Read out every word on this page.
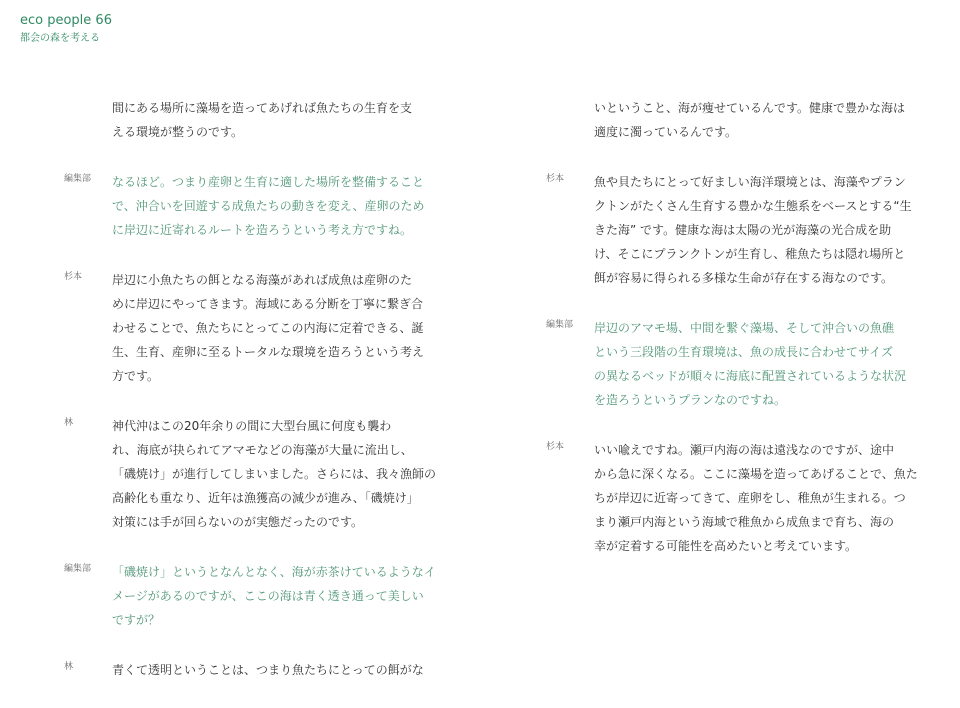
eco people 66
都会の森を考える
間にある場所に藻場を造ってあげれば魚たちの生育を支
える環境が整うのです。
編集部	なるほど。つまり産卵と生育に適した場所を整備すること
で、沖合いを回遊する成魚たちの動きを変え、産卵のため
に岸辺に近寄れるルートを造ろうという考え方ですね。
杉本	岸辺に小魚たちの餌となる海藻があれば成魚は産卵のた
めに岸辺にやってきます。海域にある分断を丁寧に繋ぎ合
わせることで、魚たちにとってこの内海に定着できる、誕
生、生育、産卵に至るトータルな環境を造ろうという考え
方です。
林	神代沖はこの20年余りの間に大型台風に何度も襲わ
れ、海底が抉られてアマモなどの海藻が大量に流出し、
「磯焼け」が進行してしまいました。さらには、我々漁師の
高齢化も重なり、近年は漁獲高の減少が進み、「磯焼け」
対策には手が回らないのが実態だったのです。
編集部	「磯焼け」というとなんとなく、海が赤茶けているようなイ
メージがあるのですが、ここの海は青く透き通って美しい
ですが？
林	青くて透明ということは、つまり魚たちにとっての餌がな
いということ、海が痩せているんです。健康で豊かな海は
適度に濁っているんです。
杉本	魚や貝たちにとって好ましい海洋環境とは、海藻やプラン
クトンがたくさん生育する豊かな生態系をベースとする“生
きた海” です。健康な海は太陽の光が海藻の光合成を助
け、そこにプランクトンが生育し、稚魚たちは隠れ場所と
餌が容易に得られる多様な生命が存在する海なのです。
編集部	岸辺のアマモ場、中間を繋ぐ藻場、そして沖合いの魚礁
という三段階の生育環境は、魚の成長に合わせてサイズ
の異なるベッドが順々に海底に配置されているような状況
を造ろうというプランなのですね。
杉本	いい喩えですね。瀬戸内海の海は遠浅なのですが、途中
から急に深くなる。ここに藻場を造ってあげることで、魚た
ちが岸辺に近寄ってきて、産卵をし、稚魚が生まれる。つ
まり瀬戸内海という海域で稚魚から成魚まで育ち、海の
幸が定着する可能性を高めたいと考えています。
